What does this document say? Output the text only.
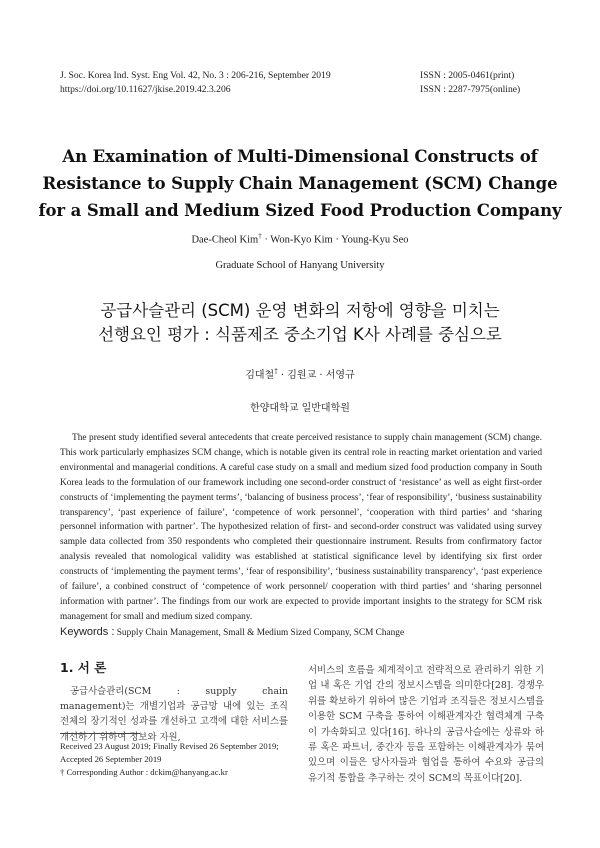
J. Soc. Korea Ind. Syst. Eng Vol. 42, No. 3 : 206-216, September 2019
https://doi.org/10.11627/jkise.2019.42.3.206
ISSN : 2005-0461(print)
ISSN : 2287-7975(online)
An Examination of Multi-Dimensional Constructs of
Resistance to Supply Chain Management (SCM) Change
for a Small and Medium Sized Food Production Company
Dae-Cheol Kim† · Won-Kyo Kim · Young-Kyu Seo
Graduate School of Hanyang University
공급사슬관리 (SCM) 운영 변화의 저항에 영향을 미치는
선행요인 평가 : 식품제조 중소기업 K사 사례를 중심으로
김대철† · 김원교 · 서영규
한양대학교 일반대학원
The present study identified several antecedents that create perceived resistance to supply chain management (SCM) change. This work particularly emphasizes SCM change, which is notable given its central role in reacting market orientation and varied environmental and managerial conditions. A careful case study on a small and medium sized food production company in South Korea leads to the formulation of our framework including one second-order construct of ‘resistance’ as well as eight first-order constructs of ‘implementing the payment terms’, ‘balancing of business process’, ‘fear of responsibility’, ‘business sustainability transparency’, ‘past experience of failure’, ‘competence of work personnel’, ‘cooperation with third parties’ and ‘sharing personnel information with partner’. The hypothesized relation of first- and second-order construct was validated using survey sample data collected from 350 respondents who completed their questionnaire instrument. Results from confirmatory factor analysis revealed that nomological validity was established at statistical significance level by identifying six first order constructs of ‘implementing the payment terms’, ‘fear of responsibility’, ‘business sustainability transparency’, ‘past experience of failure’, a conbined construct of ‘competence of work personnel/ cooperation with third parties’ and ‘sharing personnel information with partner’. The findings from our work are expected to provide important insights to the strategy for SCM risk management for small and medium sized company.
Keywords : Supply Chain Management, Small & Medium Sized Company, SCM Change
1. 서 론
공급사슬관리(SCM : supply chain management)는 개별기업과 공급망 내에 있는 조직 전체의 장기적인 성과를 개선하고 고객에 대한 서비스를 개선하기 위하여 정보와 자원,
서비스의 흐름을 체계적이고 전략적으로 관리하기 위한 기업 내 혹은 기업 간의 정보시스템을 의미한다[28]. 경쟁우위를 확보하기 위하여 많은 기업과 조직들은 정보시스템을 이용한 SCM 구축을 통하여 이해관계자간 협력체계 구축이 가속화되고 있다[16]. 하나의 공급사슬에는 상류와 하류 혹은 파트너, 중간자 등을 포함하는 이해관계자가 묶여 있으며 이들은 당사자들과 협업을 통하여 수요와 공급의 유기적 통합을 추구하는 것이 SCM의 목표이다[20].
Received 23 August 2019; Finally Revised 26 September 2019;
Accepted 26 September 2019
† Corresponding Author : dckim@hanyang.ac.kr
